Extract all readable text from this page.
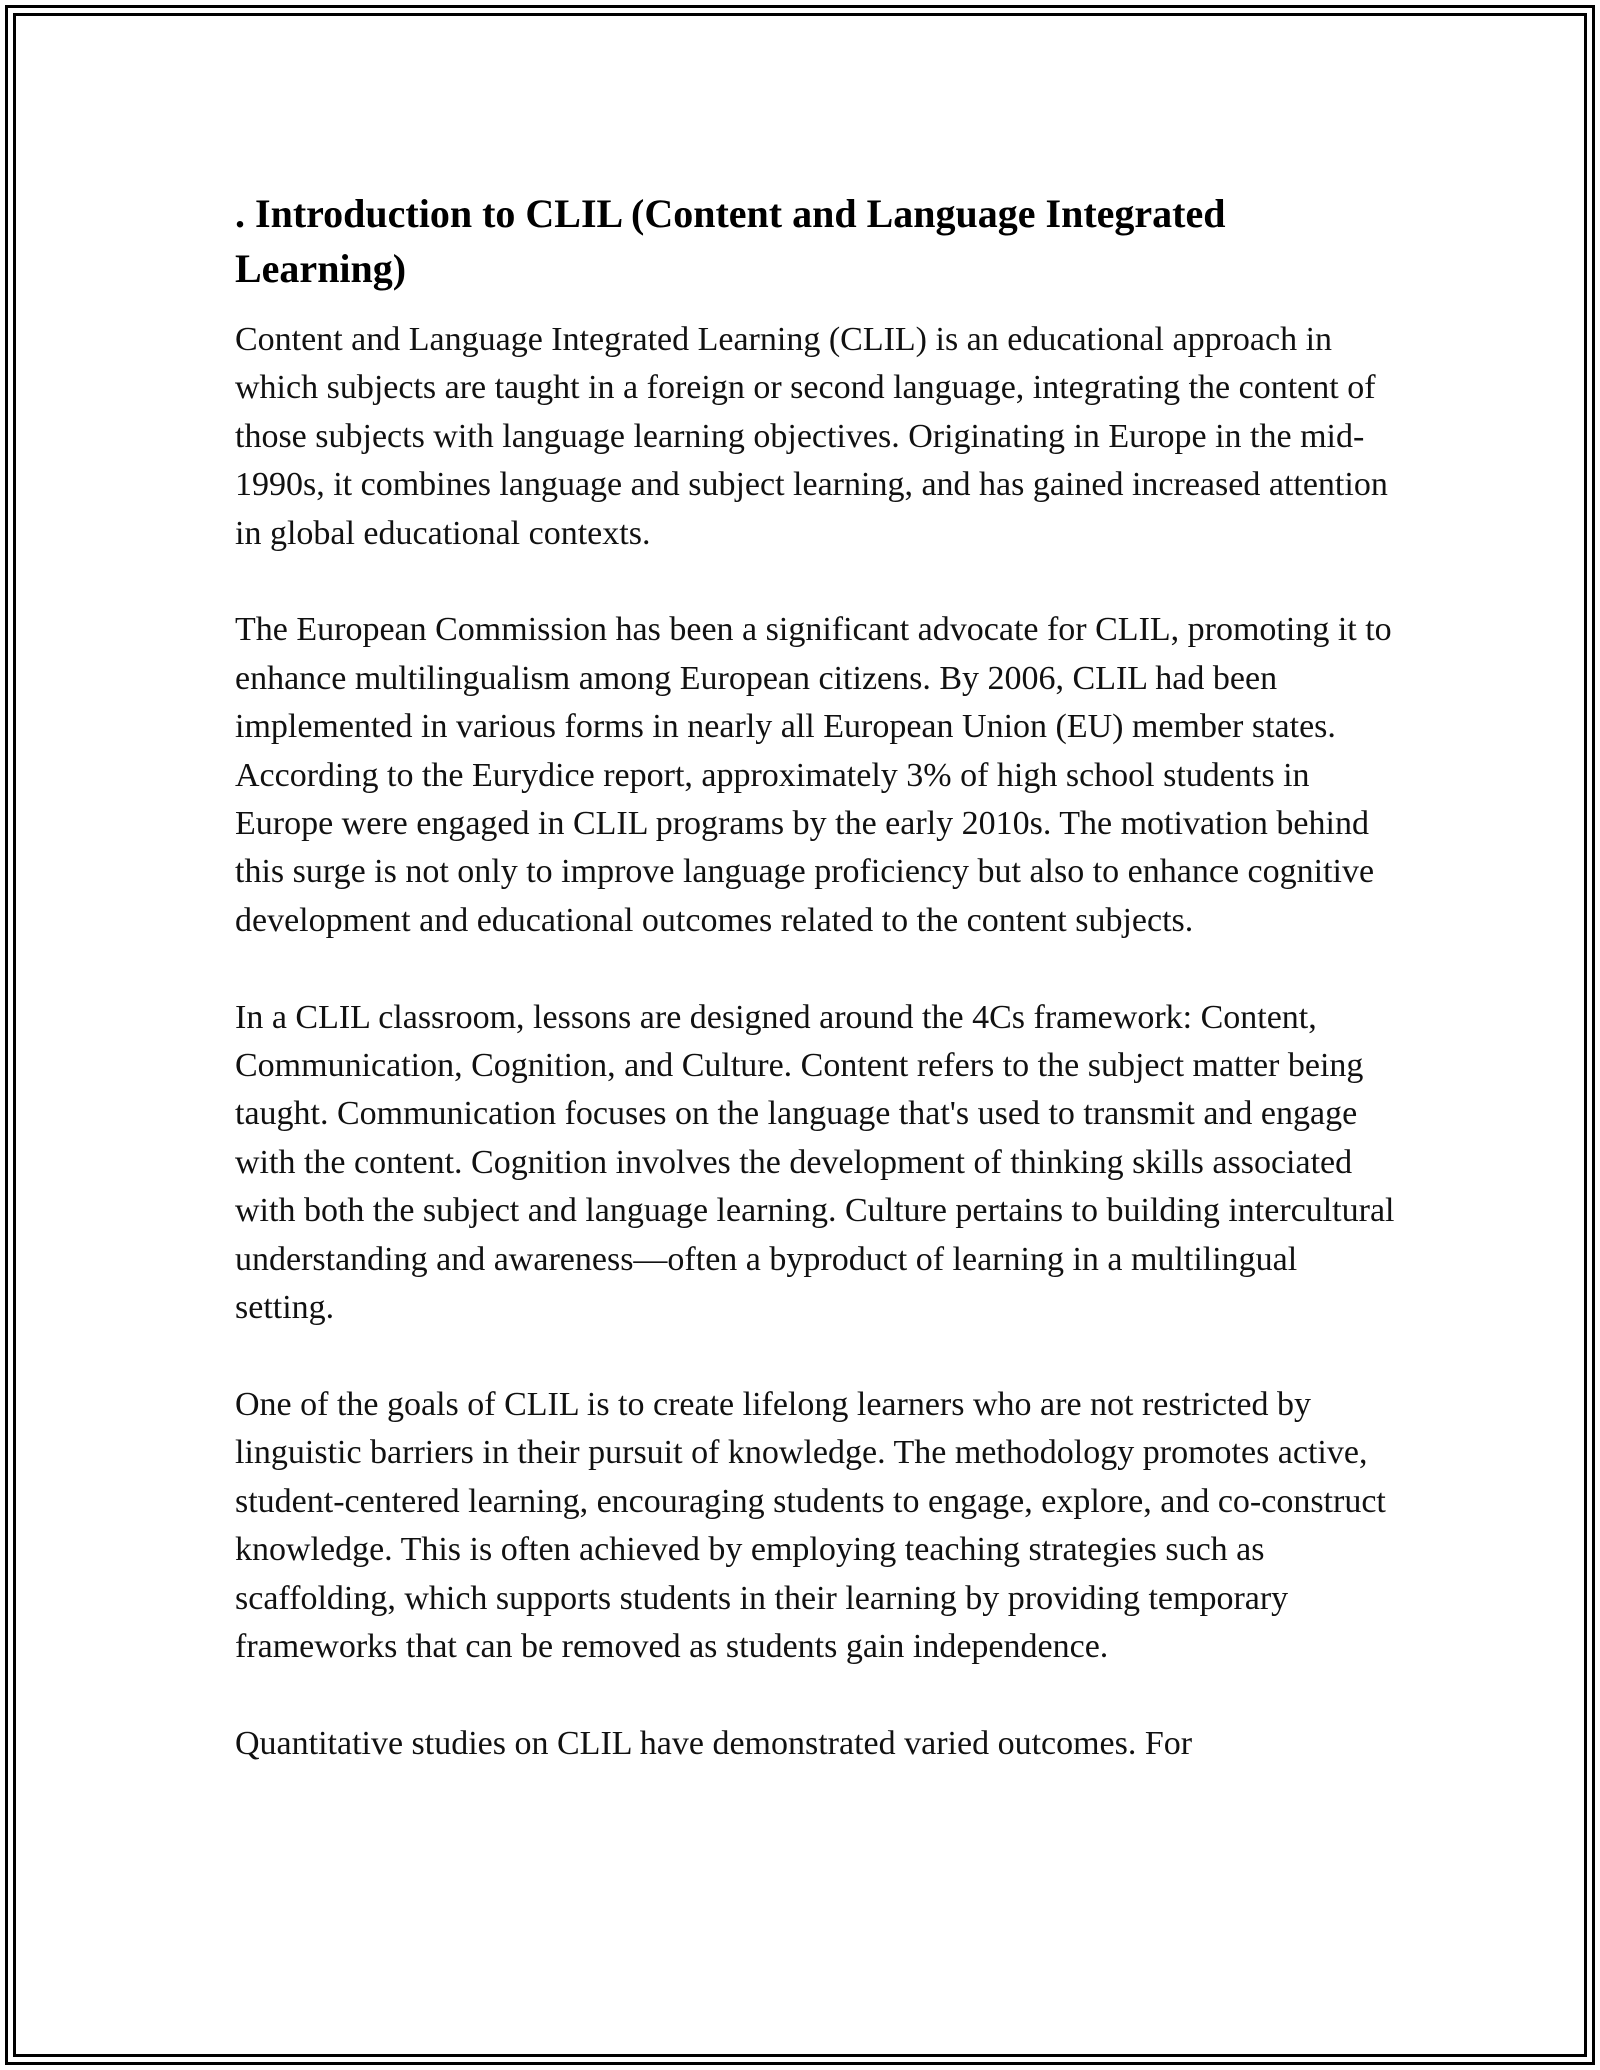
. Introduction to CLIL (Content and Language Integrated Learning)

Content and Language Integrated Learning (CLIL) is an educational approach in which subjects are taught in a foreign or second language, integrating the content of those subjects with language learning objectives. Originating in Europe in the mid-1990s, it combines language and subject learning, and has gained increased attention in global educational contexts.

The European Commission has been a significant advocate for CLIL, promoting it to enhance multilingualism among European citizens. By 2006, CLIL had been implemented in various forms in nearly all European Union (EU) member states. According to the Eurydice report, approximately 3% of high school students in Europe were engaged in CLIL programs by the early 2010s. The motivation behind this surge is not only to improve language proficiency but also to enhance cognitive development and educational outcomes related to the content subjects.

In a CLIL classroom, lessons are designed around the 4Cs framework: Content, Communication, Cognition, and Culture. Content refers to the subject matter being taught. Communication focuses on the language that's used to transmit and engage with the content. Cognition involves the development of thinking skills associated with both the subject and language learning. Culture pertains to building intercultural understanding and awareness—often a byproduct of learning in a multilingual setting.

One of the goals of CLIL is to create lifelong learners who are not restricted by linguistic barriers in their pursuit of knowledge. The methodology promotes active, student-centered learning, encouraging students to engage, explore, and co-construct knowledge. This is often achieved by employing teaching strategies such as scaffolding, which supports students in their learning by providing temporary frameworks that can be removed as students gain independence.

Quantitative studies on CLIL have demonstrated varied outcomes. For
